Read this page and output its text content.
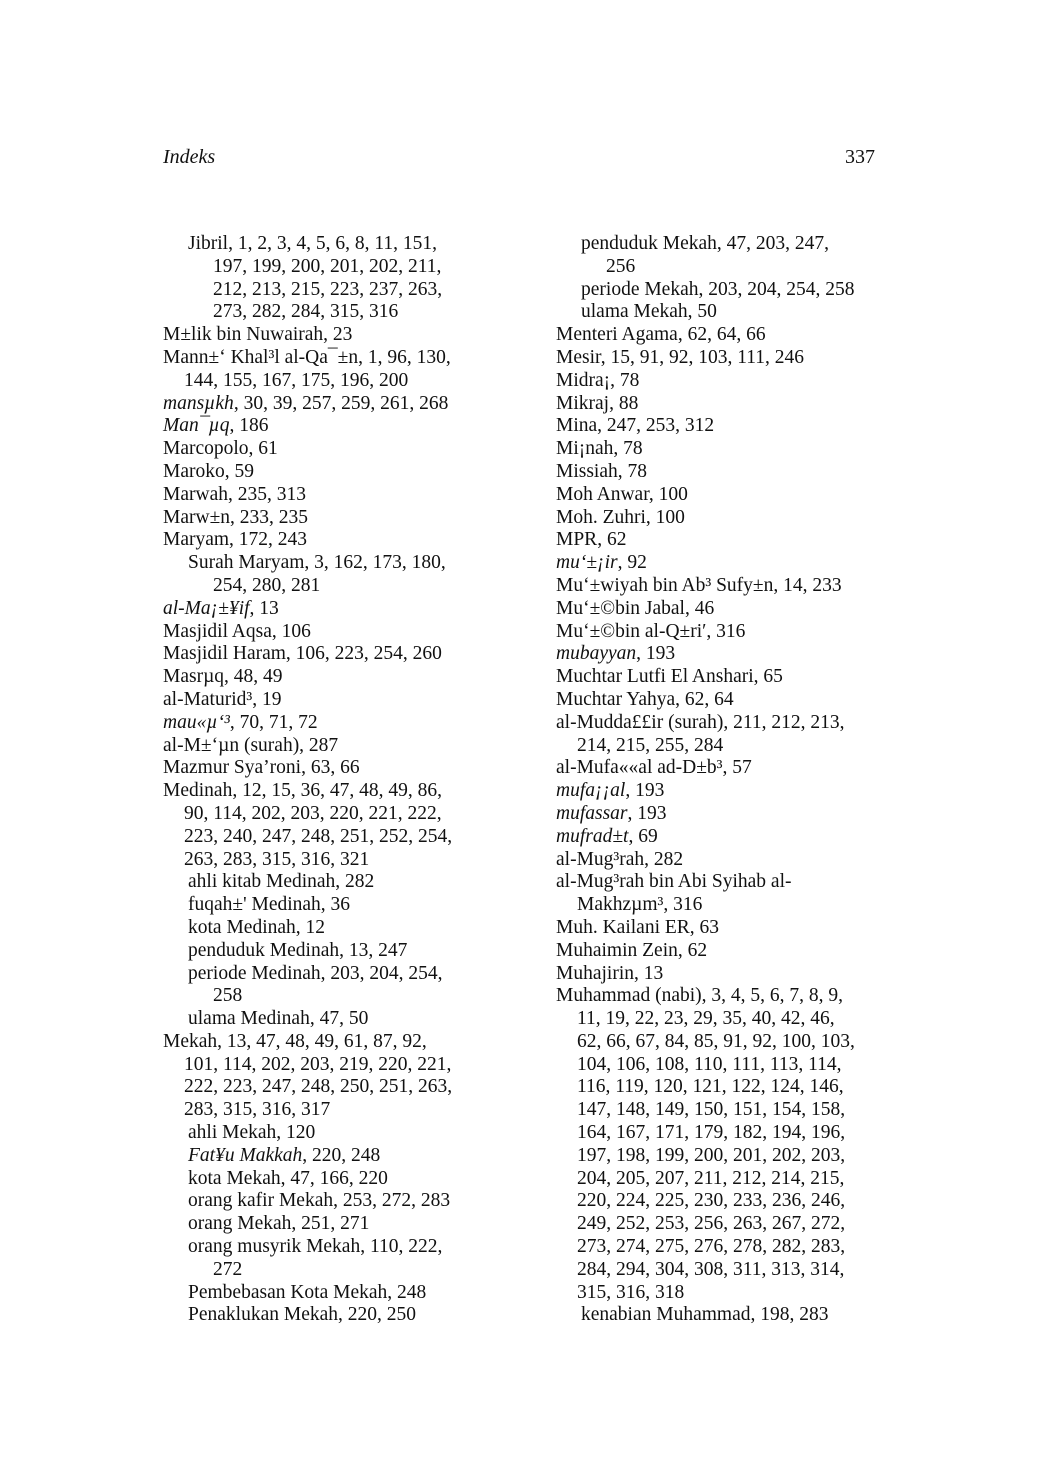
Indeks	337
Jibril, 1, 2, 3, 4, 5, 6, 8, 11, 151,
197, 199, 200, 201, 202, 211,
212, 213, 215, 223, 237, 263,
273, 282, 284, 315, 316
M±lik bin Nuwairah, 23
Mann±‘ Khal³l al-Qa¯±n, 1, 96, 130,
144, 155, 167, 175, 196, 200
mansµkh, 30, 39, 257, 259, 261, 268
Man¯µq, 186
Marcopolo, 61
Maroko, 59
Marwah, 235, 313
Marw±n, 233, 235
Maryam, 172, 243
Surah Maryam, 3, 162, 173, 180,
254, 280, 281
al-Ma¡±¥if, 13
Masjidil Aqsa, 106
Masjidil Haram, 106, 223, 254, 260
Masrµq, 48, 49
al-Maturid³, 19
mau«µ‘³, 70, 71, 72
al-M±‘µn (surah), 287
Mazmur Sya’roni, 63, 66
Medinah, 12, 15, 36, 47, 48, 49, 86,
90, 114, 202, 203, 220, 221, 222,
223, 240, 247, 248, 251, 252, 254,
263, 283, 315, 316, 321
ahli kitab Medinah, 282
fuqah±' Medinah, 36
kota Medinah, 12
penduduk Medinah, 13, 247
periode Medinah, 203, 204, 254,
258
ulama Medinah, 47, 50
Mekah, 13, 47, 48, 49, 61, 87, 92,
101, 114, 202, 203, 219, 220, 221,
222, 223, 247, 248, 250, 251, 263,
283, 315, 316, 317
ahli Mekah, 120
Fat¥u Makkah, 220, 248
kota Mekah, 47, 166, 220
orang kafir Mekah, 253, 272, 283
orang Mekah, 251, 271
orang musyrik Mekah, 110, 222,
272
Pembebasan Kota Mekah, 248
Penaklukan Mekah, 220, 250
penduduk Mekah, 47, 203, 247,
256
periode Mekah, 203, 204, 254, 258
ulama Mekah, 50
Menteri Agama, 62, 64, 66
Mesir, 15, 91, 92, 103, 111, 246
Midra¡, 78
Mikraj, 88
Mina, 247, 253, 312
Mi¡nah, 78
Missiah, 78
Moh Anwar, 100
Moh. Zuhri, 100
MPR, 62
mu‘±¡ir, 92
Mu‘±wiyah bin Ab³ Sufy±n, 14, 233
Mu‘±©bin Jabal, 46
Mu‘±©bin al-Q±ri′, 316
mubayyan, 193
Muchtar Lutfi El Anshari, 65
Muchtar Yahya, 62, 64
al-Mudda££ir (surah), 211, 212, 213,
214, 215, 255, 284
al-Mufa««al ad-D±b³, 57
mufa¡¡al, 193
mufassar, 193
mufrad±t, 69
al-Mug³rah, 282
al-Mug³rah bin Abi Syihab al-
Makhzµm³, 316
Muh. Kailani ER, 63
Muhaimin Zein, 62
Muhajirin, 13
Muhammad (nabi), 3, 4, 5, 6, 7, 8, 9,
11, 19, 22, 23, 29, 35, 40, 42, 46,
62, 66, 67, 84, 85, 91, 92, 100, 103,
104, 106, 108, 110, 111, 113, 114,
116, 119, 120, 121, 122, 124, 146,
147, 148, 149, 150, 151, 154, 158,
164, 167, 171, 179, 182, 194, 196,
197, 198, 199, 200, 201, 202, 203,
204, 205, 207, 211, 212, 214, 215,
220, 224, 225, 230, 233, 236, 246,
249, 252, 253, 256, 263, 267, 272,
273, 274, 275, 276, 278, 282, 283,
284, 294, 304, 308, 311, 313, 314,
315, 316, 318
kenabian Muhammad, 198, 283
